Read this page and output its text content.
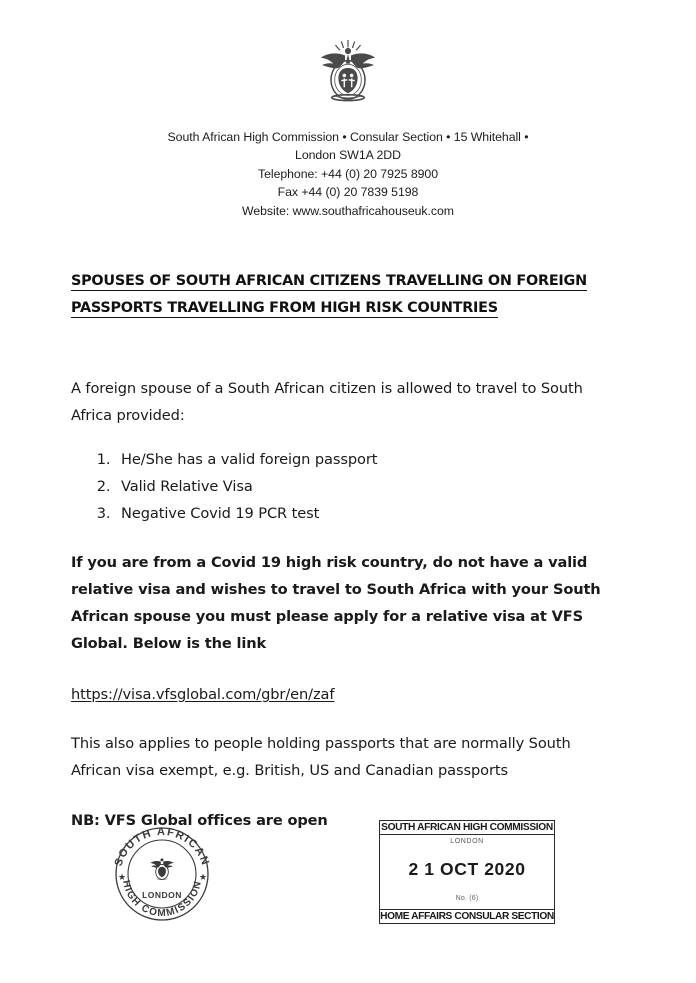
South African High Commission • Consular Section • 15 Whitehall •
London SW1A 2DD
Telephone: +44 (0) 20 7925 8900
Fax +44 (0) 20 7839 5198
Website: www.southafricahouseuk.com
SPOUSES OF SOUTH AFRICAN CITIZENS TRAVELLING ON FOREIGN PASSPORTS TRAVELLING FROM HIGH RISK COUNTRIES

A foreign spouse of a South African citizen is allowed to travel to South Africa provided:

1. He/She has a valid foreign passport
2. Valid Relative Visa
3. Negative Covid 19 PCR test

If you are from a Covid 19 high risk country, do not have a valid relative visa and wishes to travel to South Africa with your South African spouse you must please apply for a relative visa at VFS Global. Below is the link

https://visa.vfsglobal.com/gbr/en/zaf

This also applies to people holding passports that are normally South African visa exempt, e.g. British, US and Canadian passports

NB: VFS Global offices are open

SOUTH AFRICAN
HIGH COMMISSION
★	★
LONDON
SOUTH AFRICAN HIGH COMMISSION
LONDON
2 1 OCT 2020
No. (6)
HOME AFFAIRS CONSULAR SECTION
